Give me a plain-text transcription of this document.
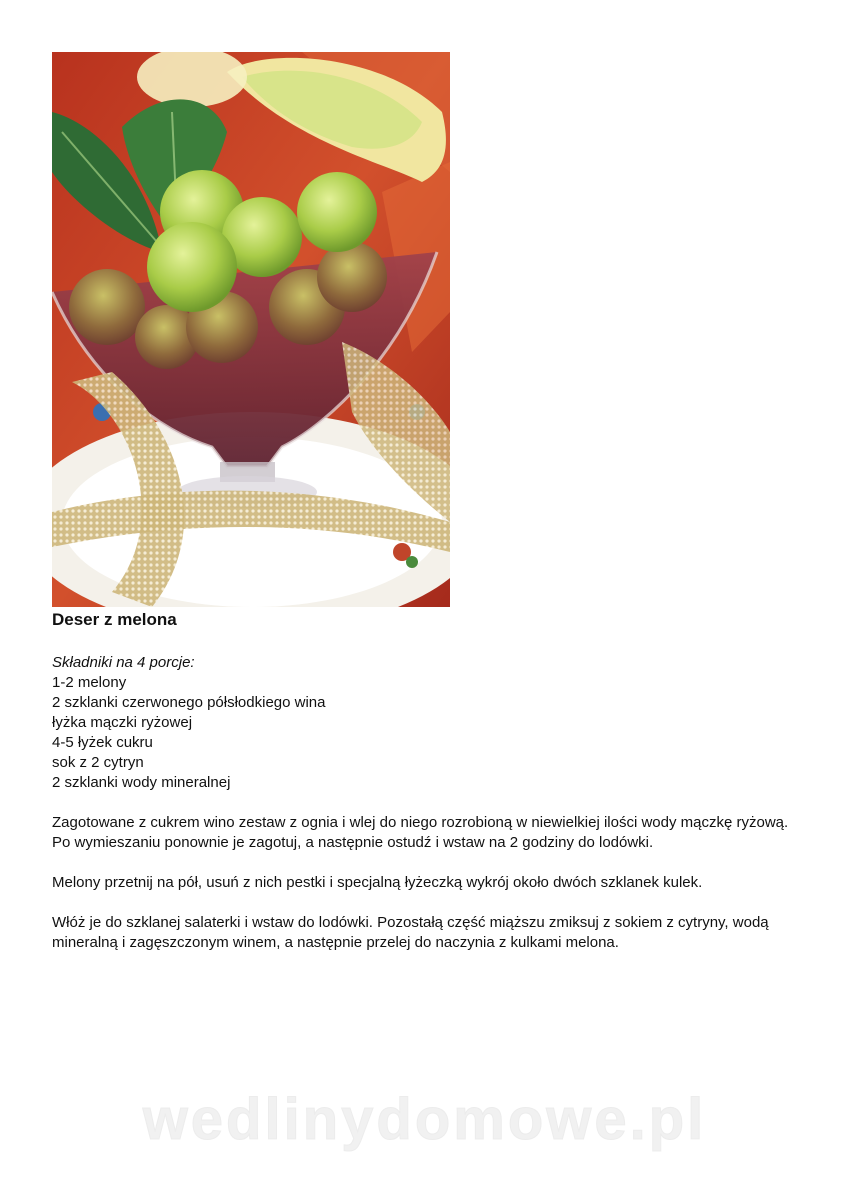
Deser z melona

Składniki na 4 porcje:

1-2 melony
2 szklanki czerwonego półsłodkiego wina
łyżka mączki ryżowej
4-5 łyżek cukru
sok z 2 cytryn
2 szklanki wody mineralnej

Zagotowane z cukrem wino zestaw z ognia i wlej do niego rozrobioną w niewielkiej ilości wody mączkę ryżową. Po wymieszaniu ponownie je zagotuj, a następnie ostudź i wstaw na 2 godziny do lodówki.

Melony przetnij na pół, usuń z nich pestki i specjalną łyżeczką wykrój około dwóch szklanek kulek.

Włóż je do szklanej salaterki i wstaw do lodówki. Pozostałą część miąższu zmiksuj z sokiem z cytryny, wodą mineralną i zagęszczonym winem, a następnie przelej do naczynia z kulkami melona.

wedlinydomowe.pl
